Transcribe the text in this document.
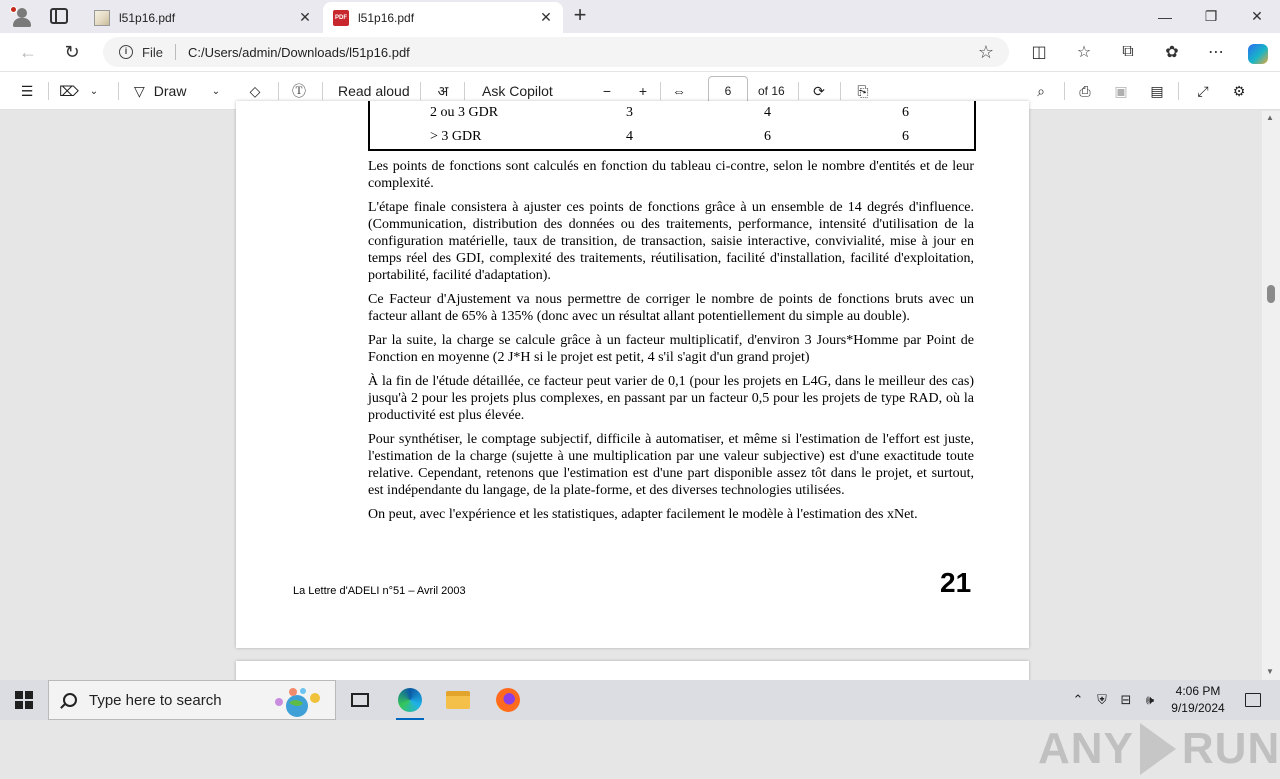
l51p16.pdf	✕	PDF l51p16.pdf	✕ +	—	❐	✕
←	↻	i	File C:/Users/admin/Downloads/l51p16.pdf	☆	◫	☆	⧉	✿	⋯
☰	⌦	⌄	▽ Draw	⌄	◇	Ⓣ	Read aloud	अ	Ask Copilot	−	+	⇔	6	of 16	⟳	⎘	⌕	⎙	▣	▤	⤢	⚙
2 ou 3 GDR	3	4	6
> 3 GDR	4	6	6

Les points de fonctions sont calculés en fonction du tableau ci-contre, selon le nombre d'entités et de leur complexité.

L'étape finale consistera à ajuster ces points de fonctions grâce à un ensemble de 14 degrés d'influence. (Communication, distribution des données ou des traitements, performance, intensité d'utilisation de la configuration matérielle, taux de transition, de transaction, saisie interactive, convivialité, mise à jour en temps réel des GDI, complexité des traitements, réutilisation, facilité d'installation, facilité d'exploitation, portabilité, facilité d'adaptation).

Ce Facteur d'Ajustement va nous permettre de corriger le nombre de points de fonctions bruts avec un facteur allant de 65% à 135% (donc avec un résultat allant potentiellement du simple au double).

Par la suite, la charge se calcule grâce à un facteur multiplicatif, d'environ 3 Jours*Homme par Point de Fonction en moyenne (2 J*H si le projet est petit, 4 s'il s'agit d'un grand projet)

À la fin de l'étude détaillée, ce facteur peut varier de 0,1 (pour les projets en L4G, dans le meilleur des cas) jusqu'à 2 pour les projets plus complexes, en passant par un facteur 0,5 pour les projets de type RAD, où la productivité est plus élevée.

Pour synthétiser, le comptage subjectif, difficile à automatiser, et même si l'estimation de l'effort est juste, l'estimation de la charge (sujette à une multiplication par une valeur subjective) est d'une exactitude toute relative. Cependant, retenons que l'estimation est d'une part disponible assez tôt dans le projet, et surtout, est indépendante du langage, de la plate-forme, et des diverses technologies utilisées.

On peut, avec l'expérience et les statistiques, adapter facilement le modèle à l'estimation des xNet.

La Lettre d'ADELI n°51 – Avril 2003	21
ANY RUN
▲
▼
Type here to search	⌃	⛨	⊟	🕪
4:06 PM
9/19/2024
